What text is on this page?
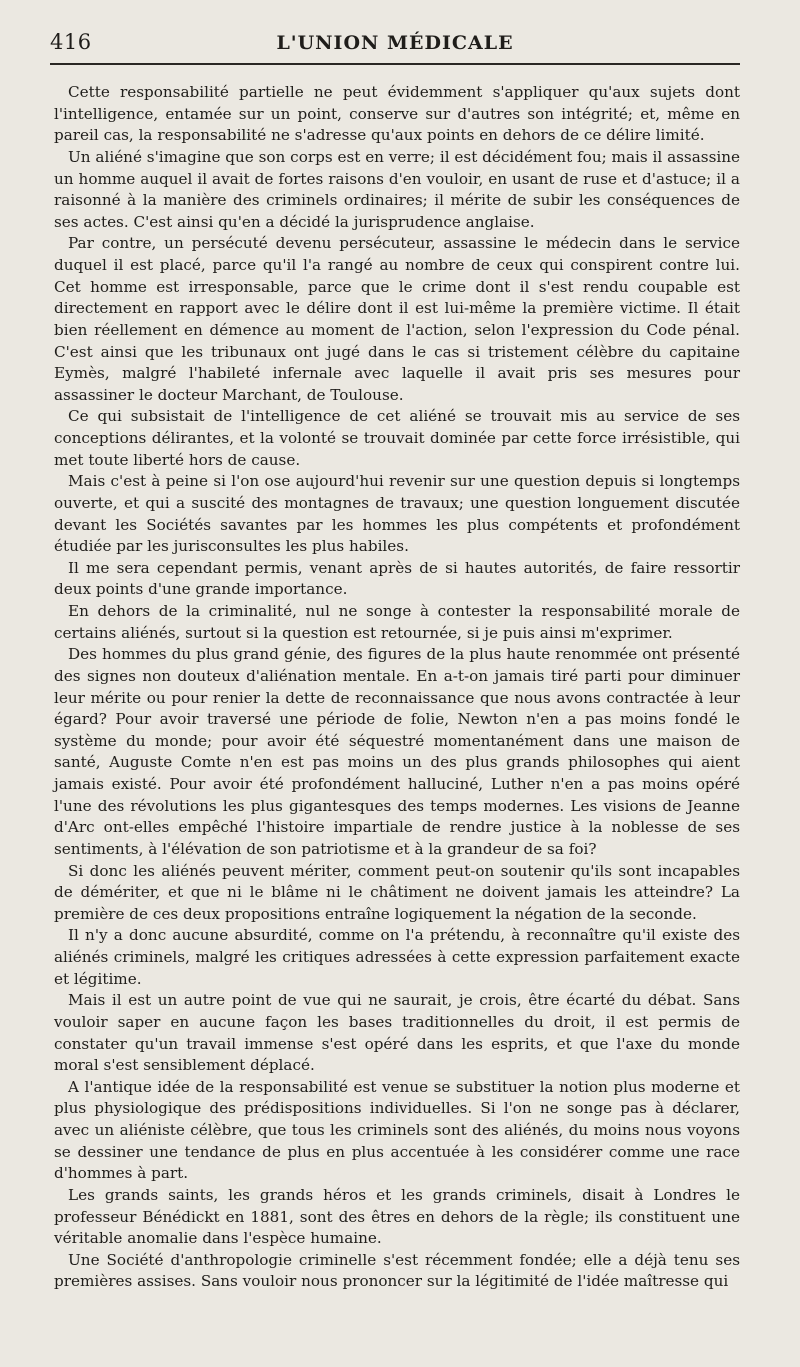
416	L'UNION MÉDICALE

Cette responsabilité partielle ne peut évidemment s'appliquer qu'aux sujets dont l'intelligence, entamée sur un point, conserve sur d'autres son intégrité; et, même en pareil cas, la responsabilité ne s'adresse qu'aux points en dehors de ce délire limité.

Un aliéné s'imagine que son corps est en verre; il est décidément fou; mais il assassine un homme auquel il avait de fortes raisons d'en vouloir, en usant de ruse et d'astuce; il a raisonné à la manière des criminels ordinaires; il mérite de subir les conséquences de ses actes. C'est ainsi qu'en a décidé la jurisprudence anglaise.

Par contre, un persécuté devenu persécuteur, assassine le médecin dans le service duquel il est placé, parce qu'il l'a rangé au nombre de ceux qui conspirent contre lui. Cet homme est irresponsable, parce que le crime dont il s'est rendu coupable est directement en rapport avec le délire dont il est lui-même la première victime. Il était bien réellement en démence au moment de l'action, selon l'expression du Code pénal. C'est ainsi que les tribunaux ont jugé dans le cas si tristement célèbre du capitaine Eymès, malgré l'habileté infernale avec laquelle il avait pris ses mesures pour assassiner le docteur Marchant, de Toulouse.

Ce qui subsistait de l'intelligence de cet aliéné se trouvait mis au service de ses conceptions délirantes, et la volonté se trouvait dominée par cette force irrésistible, qui met toute liberté hors de cause.

Mais c'est à peine si l'on ose aujourd'hui revenir sur une question depuis si longtemps ouverte, et qui a suscité des montagnes de travaux; une question longuement discutée devant les Sociétés savantes par les hommes les plus compétents et profondément étudiée par les jurisconsultes les plus habiles.

Il me sera cependant permis, venant après de si hautes autorités, de faire ressortir deux points d'une grande importance.

En dehors de la criminalité, nul ne songe à contester la responsabilité morale de certains aliénés, surtout si la question est retournée, si je puis ainsi m'exprimer.

Des hommes du plus grand génie, des figures de la plus haute renommée ont présenté des signes non douteux d'aliénation mentale. En a-t-on jamais tiré parti pour diminuer leur mérite ou pour renier la dette de reconnaissance que nous avons contractée à leur égard? Pour avoir traversé une période de folie, Newton n'en a pas moins fondé le système du monde; pour avoir été séquestré momentanément dans une maison de santé, Auguste Comte n'en est pas moins un des plus grands philosophes qui aient jamais existé. Pour avoir été profondément halluciné, Luther n'en a pas moins opéré l'une des révolutions les plus gigantesques des temps modernes. Les visions de Jeanne d'Arc ont-elles empêché l'histoire impartiale de rendre justice à la noblesse de ses sentiments, à l'élévation de son patriotisme et à la grandeur de sa foi?

Si donc les aliénés peuvent mériter, comment peut-on soutenir qu'ils sont incapables de démériter, et que ni le blâme ni le châtiment ne doivent jamais les atteindre? La première de ces deux propositions entraîne logiquement la négation de la seconde.

Il n'y a donc aucune absurdité, comme on l'a prétendu, à reconnaître qu'il existe des aliénés criminels, malgré les critiques adressées à cette expression parfaitement exacte et légitime.

Mais il est un autre point de vue qui ne saurait, je crois, être écarté du débat. Sans vouloir saper en aucune façon les bases traditionnelles du droit, il est permis de constater qu'un travail immense s'est opéré dans les esprits, et que l'axe du monde moral s'est sensiblement déplacé.

A l'antique idée de la responsabilité est venue se substituer la notion plus moderne et plus physiologique des prédispositions individuelles. Si l'on ne songe pas à déclarer, avec un aliéniste célèbre, que tous les criminels sont des aliénés, du moins nous voyons se dessiner une tendance de plus en plus accentuée à les considérer comme une race d'hommes à part.

Les grands saints, les grands héros et les grands criminels, disait à Londres le professeur Bénédickt en 1881, sont des êtres en dehors de la règle; ils constituent une véritable anomalie dans l'espèce humaine.

Une Société d'anthropologie criminelle s'est récemment fondée; elle a déjà tenu ses premières assises. Sans vouloir nous prononcer sur la légitimité de l'idée maîtresse qui
